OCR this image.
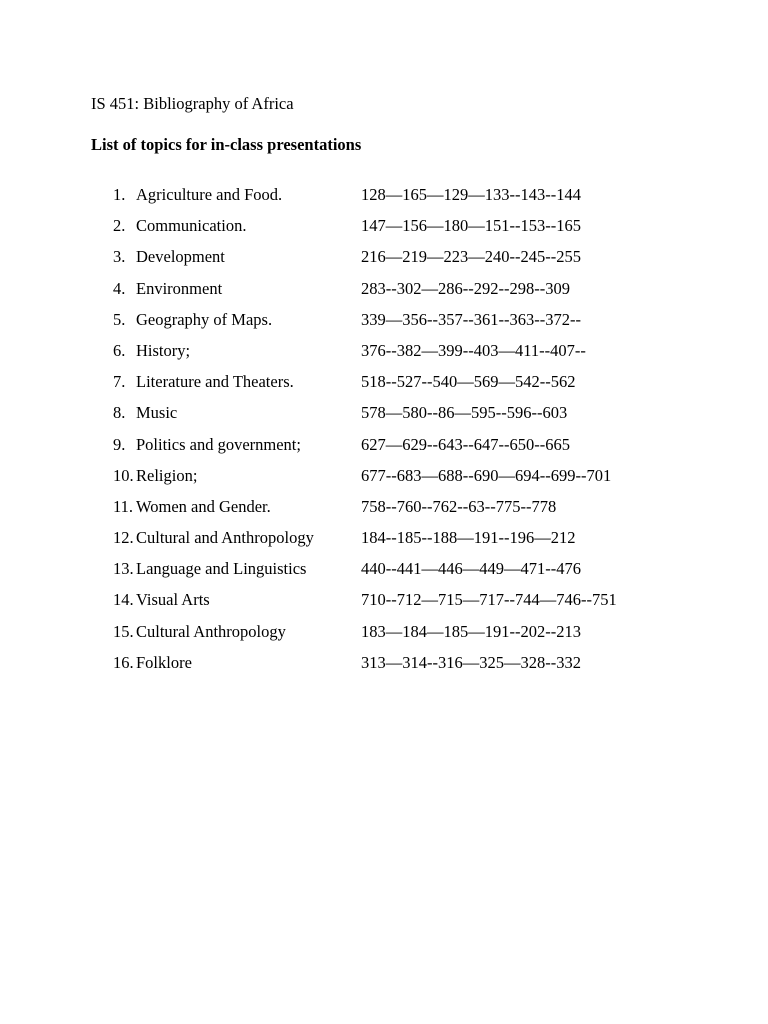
IS 451: Bibliography of Africa
List of topics for in-class presentations
1. Agriculture and Food.	128—165—129—133--143--144
2. Communication.	147—156—180—151--153--165
3. Development	216—219—223—240--245--255
4. Environment	283--302—286--292--298--309
5. Geography of Maps.	339—356--357--361--363--372--
6. History;	376--382—399--403—411--407--
7. Literature and Theaters.	518--527--540—569—542--562
8. Music	578—580--86—595--596--603
9. Politics and government;	627—629--643--647--650--665
10. Religion;	677--683—688--690—694--699--701
11. Women and Gender.	758--760--762--63--775--778
12. Cultural and Anthropology	184--185--188—191--196—212
13. Language and Linguistics	440--441—446—449—471--476
14. Visual Arts	710--712—715—717--744—746--751
15. Cultural Anthropology	183—184—185—191--202--213
16. Folklore	313—314--316—325—328--332
